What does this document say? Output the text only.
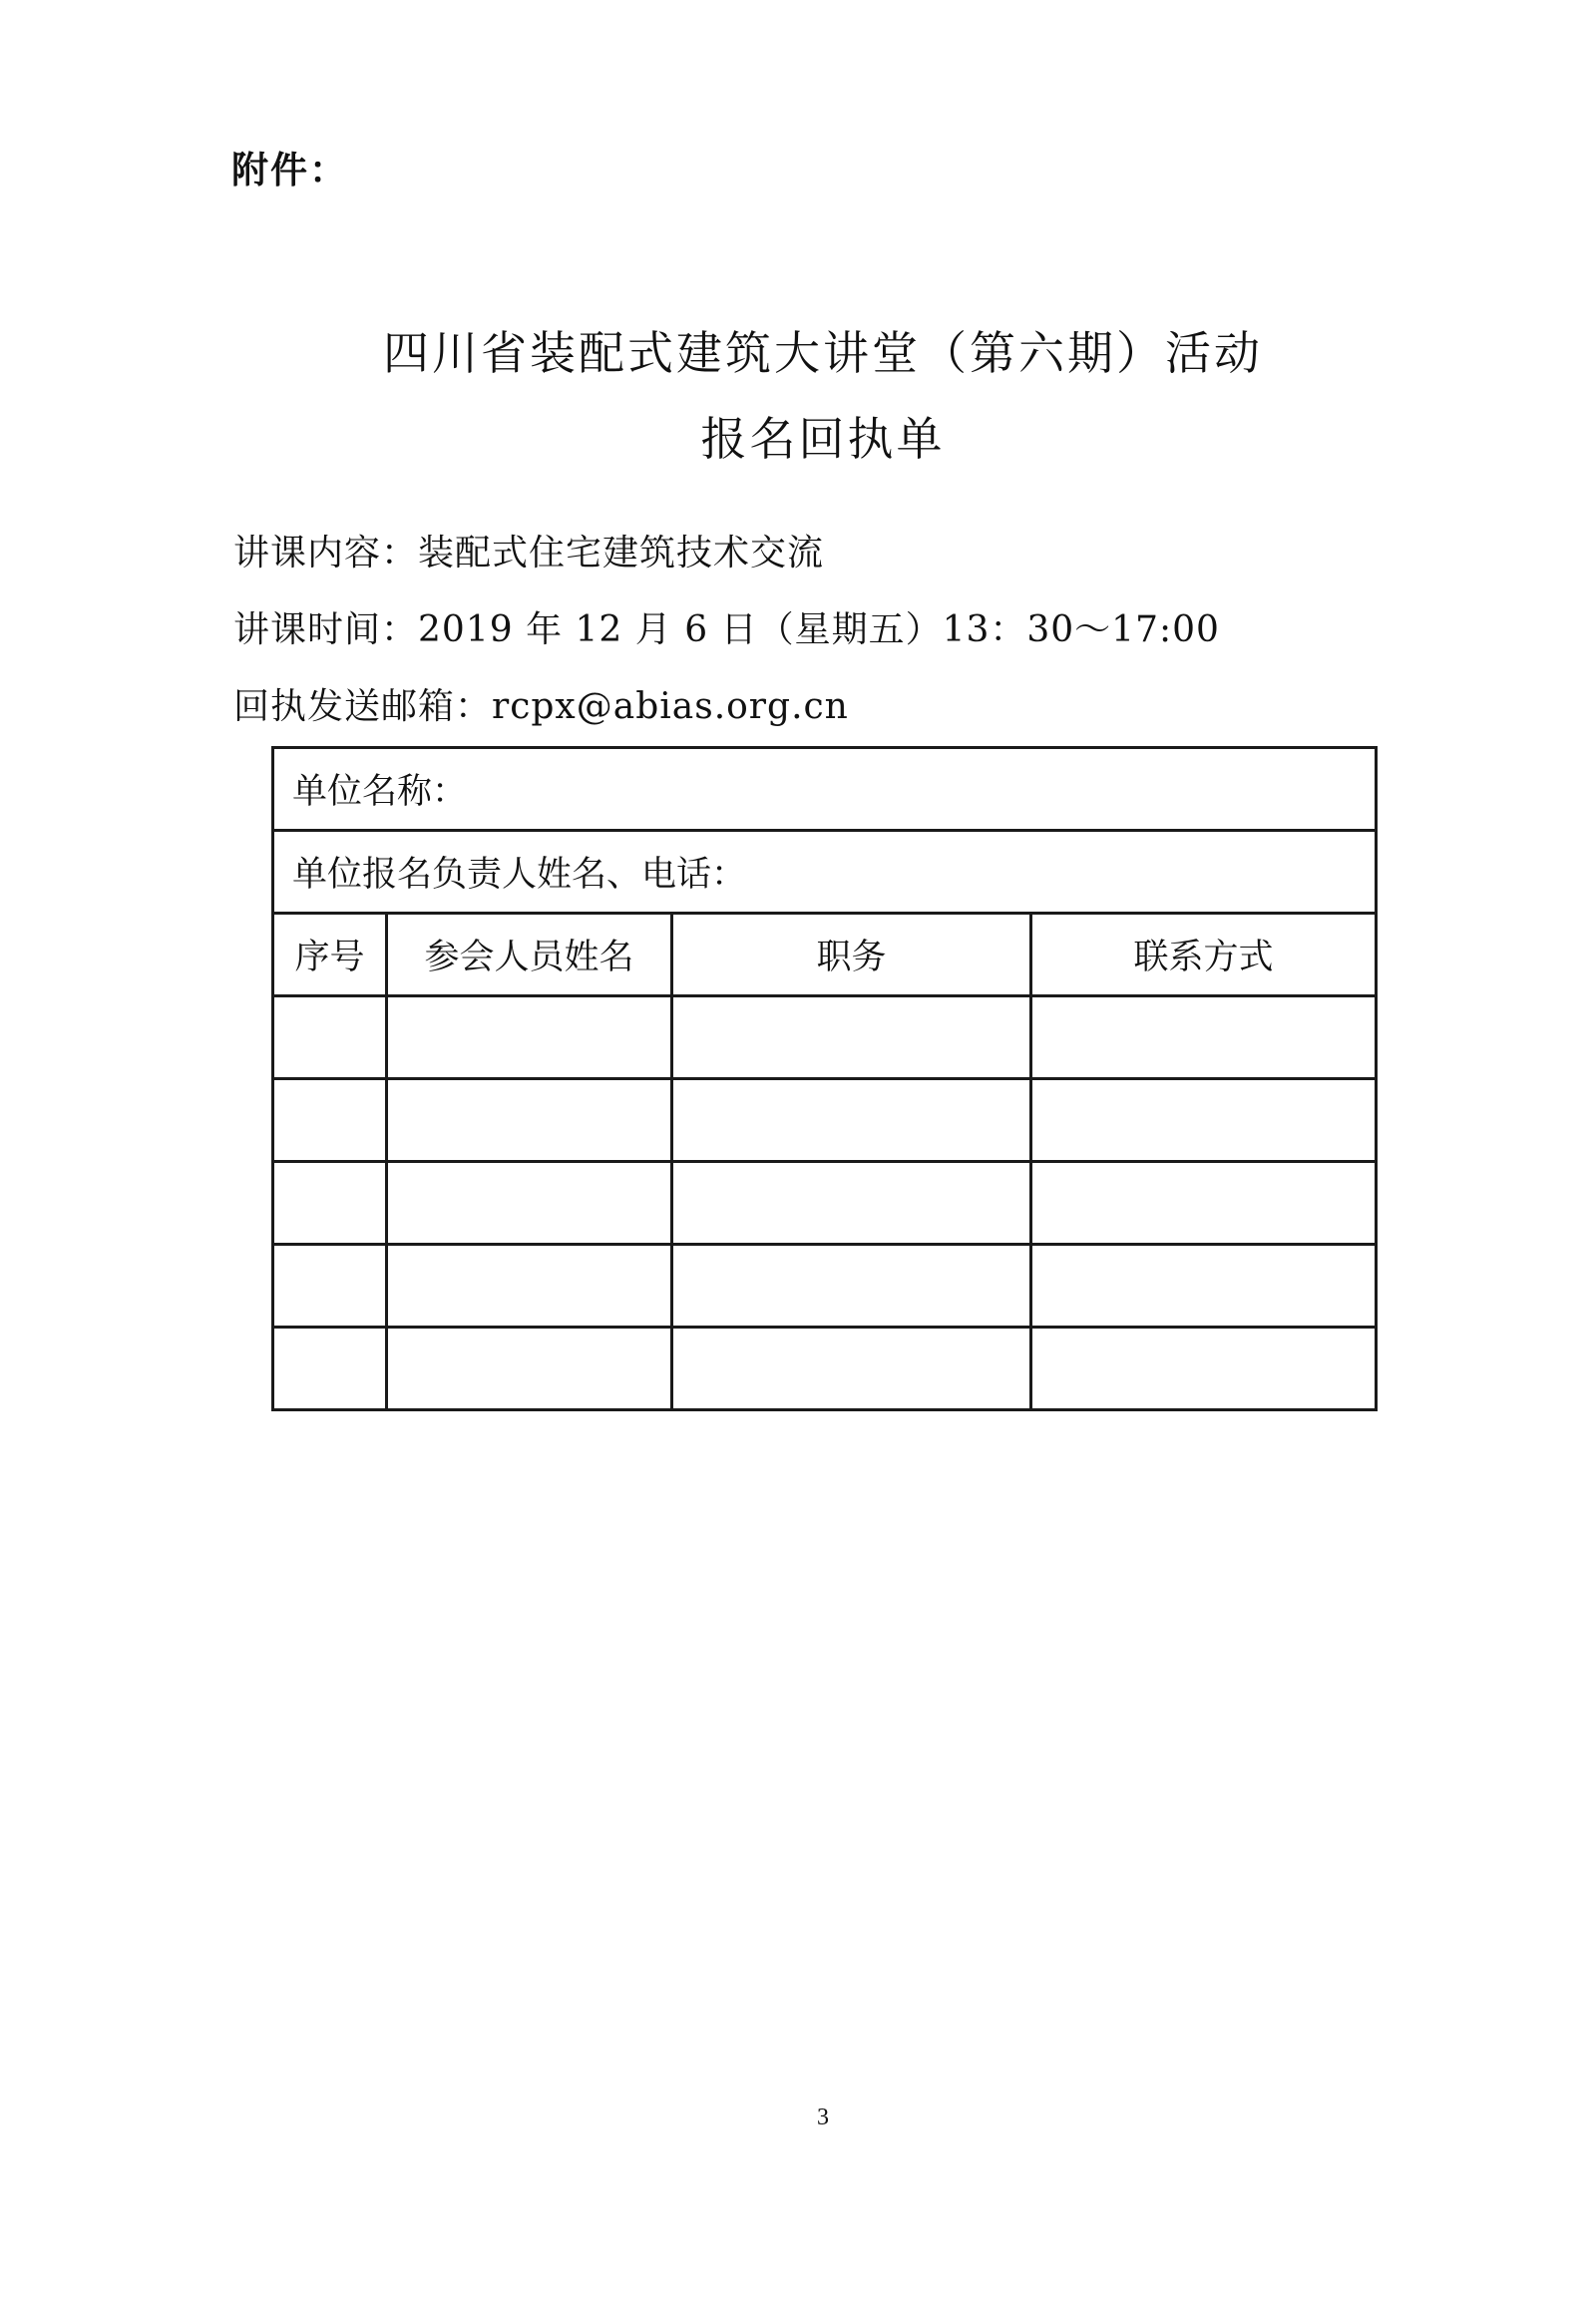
附件：
四川省装配式建筑大讲堂（第六期）活动
报名回执单
讲课内容：装配式住宅建筑技术交流
讲课时间：2019 年 12 月 6 日（星期五）13：30～17:00
回执发送邮箱：rcpx@abias.org.cn
单位名称：			
单位报名负责人姓名、电话：			
序号	参会人员姓名	职务	联系方式

3
